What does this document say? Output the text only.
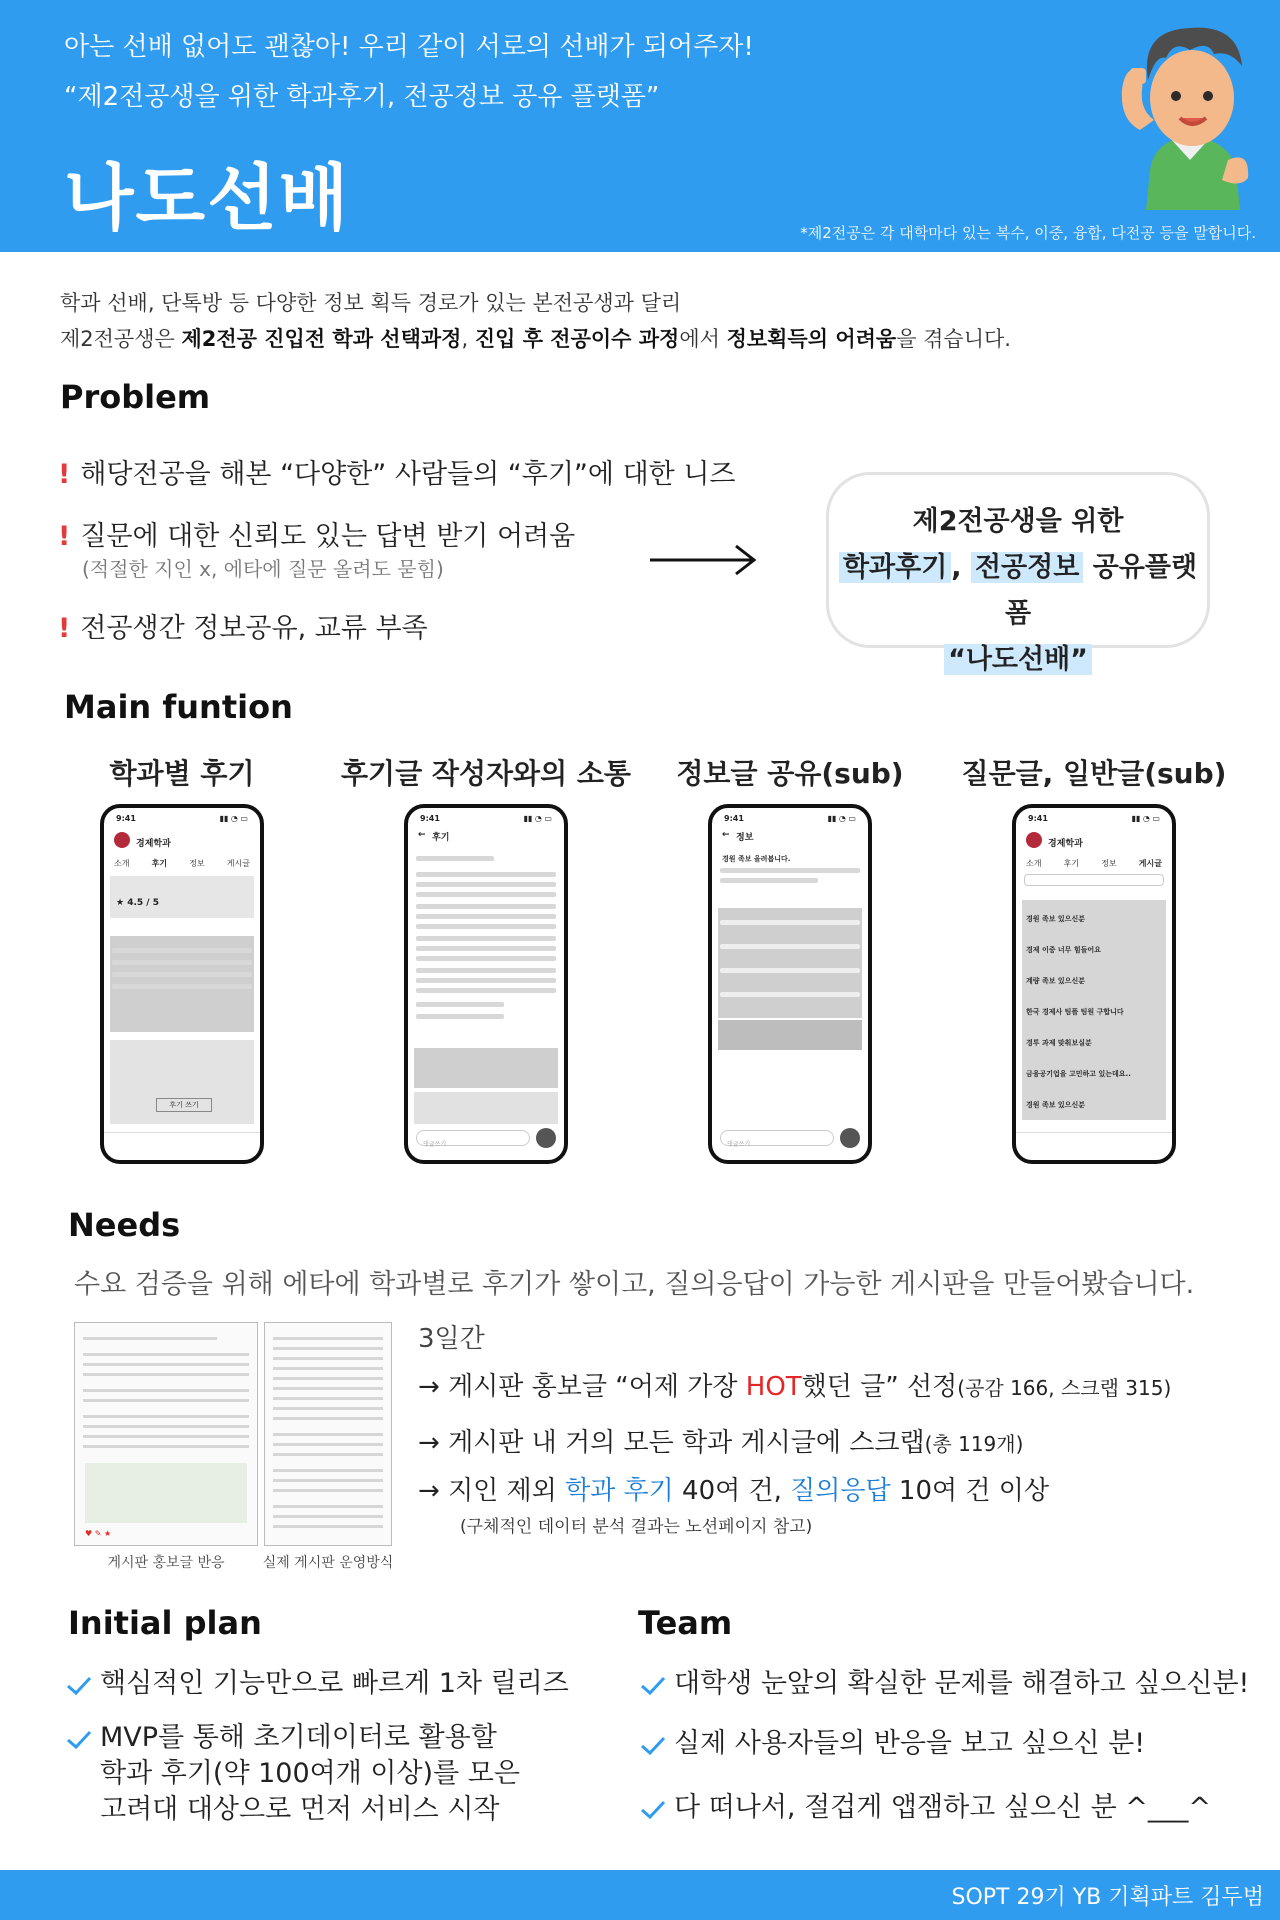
아는 선배 없어도 괜찮아! 우리 같이 서로의 선배가 되어주자!
“제2전공생을 위한 학과후기, 전공정보 공유 플랫폼”
나도선배	*제2전공은 각 대학마다 있는 복수, 이중, 융합, 다전공 등을 말합니다.
학과 선배, 단톡방 등 다양한 정보 획득 경로가 있는 본전공생과 달리
제2전공생은 제2전공 진입전 학과 선택과정, 진입 후 전공이수 과정에서 정보획득의 어려움을 겪습니다.
Problem
! 해당전공을 해본 “다양한” 사람들의 “후기”에 대한 니즈
! 질문에 대한 신뢰도 있는 답변 받기 어려움
(적절한 지인 x, 에타에 질문 올려도 묻힘)
! 전공생간 정보공유, 교류 부족
제2전공생을 위한
학과후기 , 전공정보 공유플랫폼
“나도선배”
Main funtion
학과별 후기	후기글 작성자와의 소통	정보글 공유(sub)	질문글, 일반글(sub)
9:41	▮▮ ◔ ▭
경제학과
소개	후기	정보	게시글
★ 4.5 / 5
후기 쓰기
9:41	▮▮ ◔ ▭
← 후기
댓글쓰기
9:41	▮▮ ◔ ▭
← 정보
경원 족보 올려봅니다.
댓글쓰기
9:41	▮▮ ◔ ▭
경제학과
소개	후기	정보	게시글
경원 족보 있으신분
경제 이중 너무 힘들어요
계량 족보 있으신분
한국 경제사 팀플 팀원 구합니다
경투 과제 맞춰보실분
금융공기업을 고민하고 있는데요..
경원 족보 있으신분
Needs
수요 검증을 위해 에타에 학과별로 후기가 쌓이고, 질의응답이 가능한 게시판을 만들어봤습니다.
♥ ✎ ★
게시판 홍보글 반응	실제 게시판 운영방식
3일간
→ 게시판 홍보글 “어제 가장 HOT했던 글” 선정(공감 166, 스크랩 315)
→ 게시판 내 거의 모든 학과 게시글에 스크랩(총 119개)
→ 지인 제외 학과 후기 40여 건, 질의응답 10여 건 이상
(구체적인 데이터 분석 결과는 노션페이지 참고)
Initial plan
핵심적인 기능만으로 빠르게 1차 릴리즈
MVP를 통해 초기데이터로 활용할
학과 후기(약 100여개 이상)를 모은
고려대 대상으로 먼저 서비스 시작
Team
대학생 눈앞의 확실한 문제를 해결하고 싶으신분!
실제 사용자들의 반응을 보고 싶으신 분!
다 떠나서, 절겁게 앱잼하고 싶으신 분 ^___^
SOPT 29기 YB 기획파트 김두범
